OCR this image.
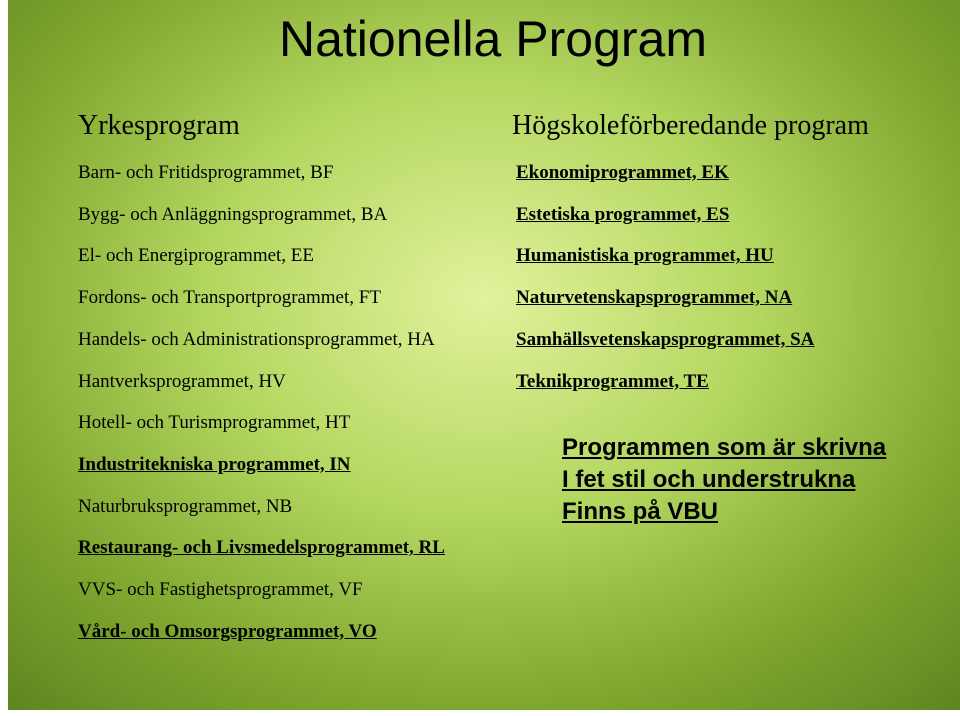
Nationella Program
Yrkesprogram	Högskoleförberedande program
Barn- och Fritidsprogrammet, BF
Bygg- och Anläggningsprogrammet, BA
El- och Energiprogrammet, EE
Fordons- och Transportprogrammet, FT
Handels- och Administrationsprogrammet, HA
Hantverksprogrammet, HV
Hotell- och Turismprogrammet, HT
Industritekniska programmet, IN
Naturbruksprogrammet, NB
Restaurang- och Livsmedelsprogrammet, RL
VVS- och Fastighetsprogrammet, VF
Vård- och Omsorgsprogrammet, VO
Ekonomiprogrammet, EK
Estetiska programmet, ES
Humanistiska programmet, HU
Naturvetenskapsprogrammet, NA
Samhällsvetenskapsprogrammet, SA
Teknikprogrammet, TE
Programmen som är skrivna
I fet stil och understrukna
Finns på VBU
